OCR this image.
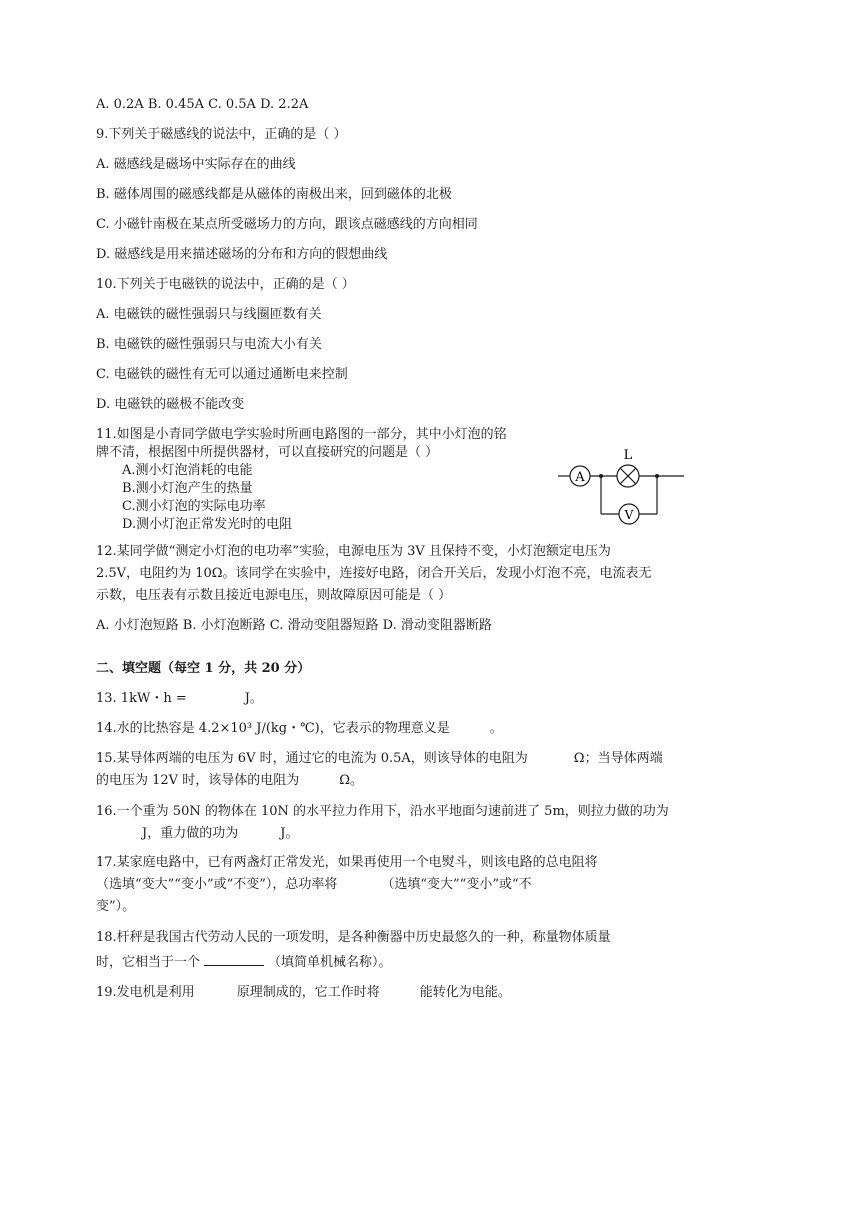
A. 0.2A B. 0.45A C. 0.5A D. 2.2A
9.下列关于磁感线的说法中，正确的是（ ）
A. 磁感线是磁场中实际存在的曲线
B. 磁体周围的磁感线都是从磁体的南极出来，回到磁体的北极
C. 小磁针南极在某点所受磁场力的方向，跟该点磁感线的方向相同
D. 磁感线是用来描述磁场的分布和方向的假想曲线
10.下列关于电磁铁的说法中，正确的是（ ）
A. 电磁铁的磁性强弱只与线圈匝数有关
B. 电磁铁的磁性强弱只与电流大小有关
C. 电磁铁的磁性有无可以通过通断电来控制
D. 电磁铁的磁极不能改变
11.如图是小青同学做电学实验时所画电路图的一部分，其中小灯泡的铭
牌不清，根据图中所提供器材，可以直接研究的问题是（ ）
A.测小灯泡消耗的电能
B.测小灯泡产生的热量
C.测小灯泡的实际电功率
D.测小灯泡正常发光时的电阻
A
L
V
12.某同学做“测定小灯泡的电功率”实验，电源电压为 3V 且保持不变，小灯泡额定电压为
2.5V，电阻约为 10Ω。该同学在实验中，连接好电路，闭合开关后，发现小灯泡不亮，电流表无
示数，电压表有示数且接近电源电压，则故障原因可能是（ ）
A. 小灯泡短路 B. 小灯泡断路 C. 滑动变阻器短路 D. 滑动变阻器断路
二、填空题（每空 1 分，共 20 分）
13. 1kW・h =	J。
14.水的比热容是 4.2×10³ J/(kg・℃)，它表示的物理意义是	。
15.某导体两端的电压为 6V 时，通过它的电流为 0.5A，则该导体的电阻为	Ω；当导体两端
的电压为 12V 时，该导体的电阻为	Ω。
16.一个重为 50N 的物体在 10N 的水平拉力作用下，沿水平地面匀速前进了 5m，则拉力做的功为
J，重力做的功为	J。
17.某家庭电路中，已有两盏灯正常发光，如果再使用一个电熨斗，则该电路的总电阻将
（选填“变大”“变小”或“不变”），总功率将	（选填“变大”“变小”或“不
变”）。
18.杆秤是我国古代劳动人民的一项发明，是各种衡器中历史最悠久的一种，称量物体质量
时，它相当于一个	（填简单机械名称）。
19.发电机是利用	原理制成的，它工作时将	能转化为电能。
